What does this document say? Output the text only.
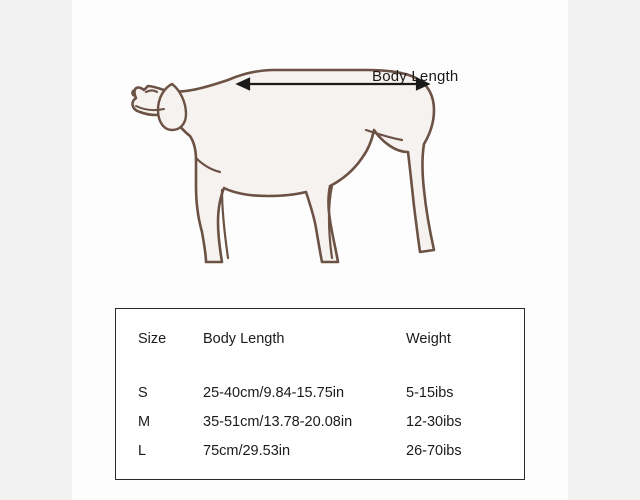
Body Length
Size	Body Length	Weight
S	25-40cm/9.84-15.75in	5-15ibs
M	35-51cm/13.78-20.08in	12-30ibs
L	75cm/29.53in	26-70ibs
